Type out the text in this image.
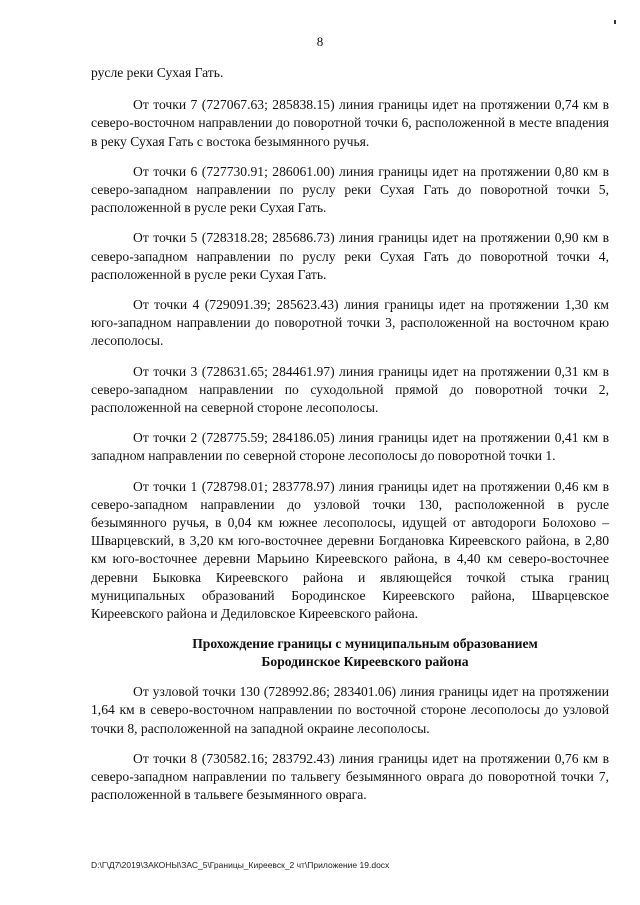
8

русле реки Сухая Гать.

От точки 7 (727067.63; 285838.15) линия границы идет на протяжении 0,74 км в северо-восточном направлении до поворотной точки 6, расположенной в месте впадения в реку Сухая Гать с востока безымянного ручья.

От точки 6 (727730.91; 286061.00) линия границы идет на протяжении 0,80 км в северо-западном направлении по руслу реки Сухая Гать до поворотной точки 5, расположенной в русле реки Сухая Гать.

От точки 5 (728318.28; 285686.73) линия границы идет на протяжении 0,90 км в северо-западном направлении по руслу реки Сухая Гать до поворотной точки 4, расположенной в русле реки Сухая Гать.

От точки 4 (729091.39; 285623.43) линия границы идет на протяжении 1,30 км юго-западном направлении до поворотной точки 3, расположенной на восточном краю лесополосы.

От точки 3 (728631.65; 284461.97) линия границы идет на протяжении 0,31 км в северо-западном направлении по суходольной прямой до поворотной точки 2, расположенной на северной стороне лесополосы.

От точки 2 (728775.59; 284186.05) линия границы идет на протяжении 0,41 км в западном направлении по северной стороне лесополосы до поворотной точки 1.

От точки 1 (728798.01; 283778.97) линия границы идет на протяжении 0,46 км в северо-западном направлении до узловой точки 130, расположенной в русле безымянного ручья, в 0,04 км южнее лесополосы, идущей от автодороги Болохово – Шварцевский, в 3,20 км юго-восточнее деревни Богдановка Киреевского района, в 2,80 км юго-восточнее деревни Марьино Киреевского района, в 4,40 км северо-восточнее деревни Быковка Киреевского района и являющейся точкой стыка границ муниципальных образований Бородинское Киреевского района, Шварцевское Киреевского района и Дедиловское Киреевского района.

Прохождение границы с муниципальным образованием
Бородинское Киреевского района

От узловой точки 130 (728992.86; 283401.06) линия границы идет на протяжении 1,64 км в северо-восточном направлении по восточной стороне лесополосы до узловой точки 8, расположенной на западной окраине лесополосы.

От точки 8 (730582.16; 283792.43) линия границы идет на протяжении 0,76 км в северо-западном направлении по тальвегу безымянного оврага до поворотной точки 7, расположенной в тальвеге безымянного оврага.

D:\Г\Д7\2019\ЗАКОНЫ\ЗАС_5\Границы_Киреевск_2 чт\Приложение 19.docx
